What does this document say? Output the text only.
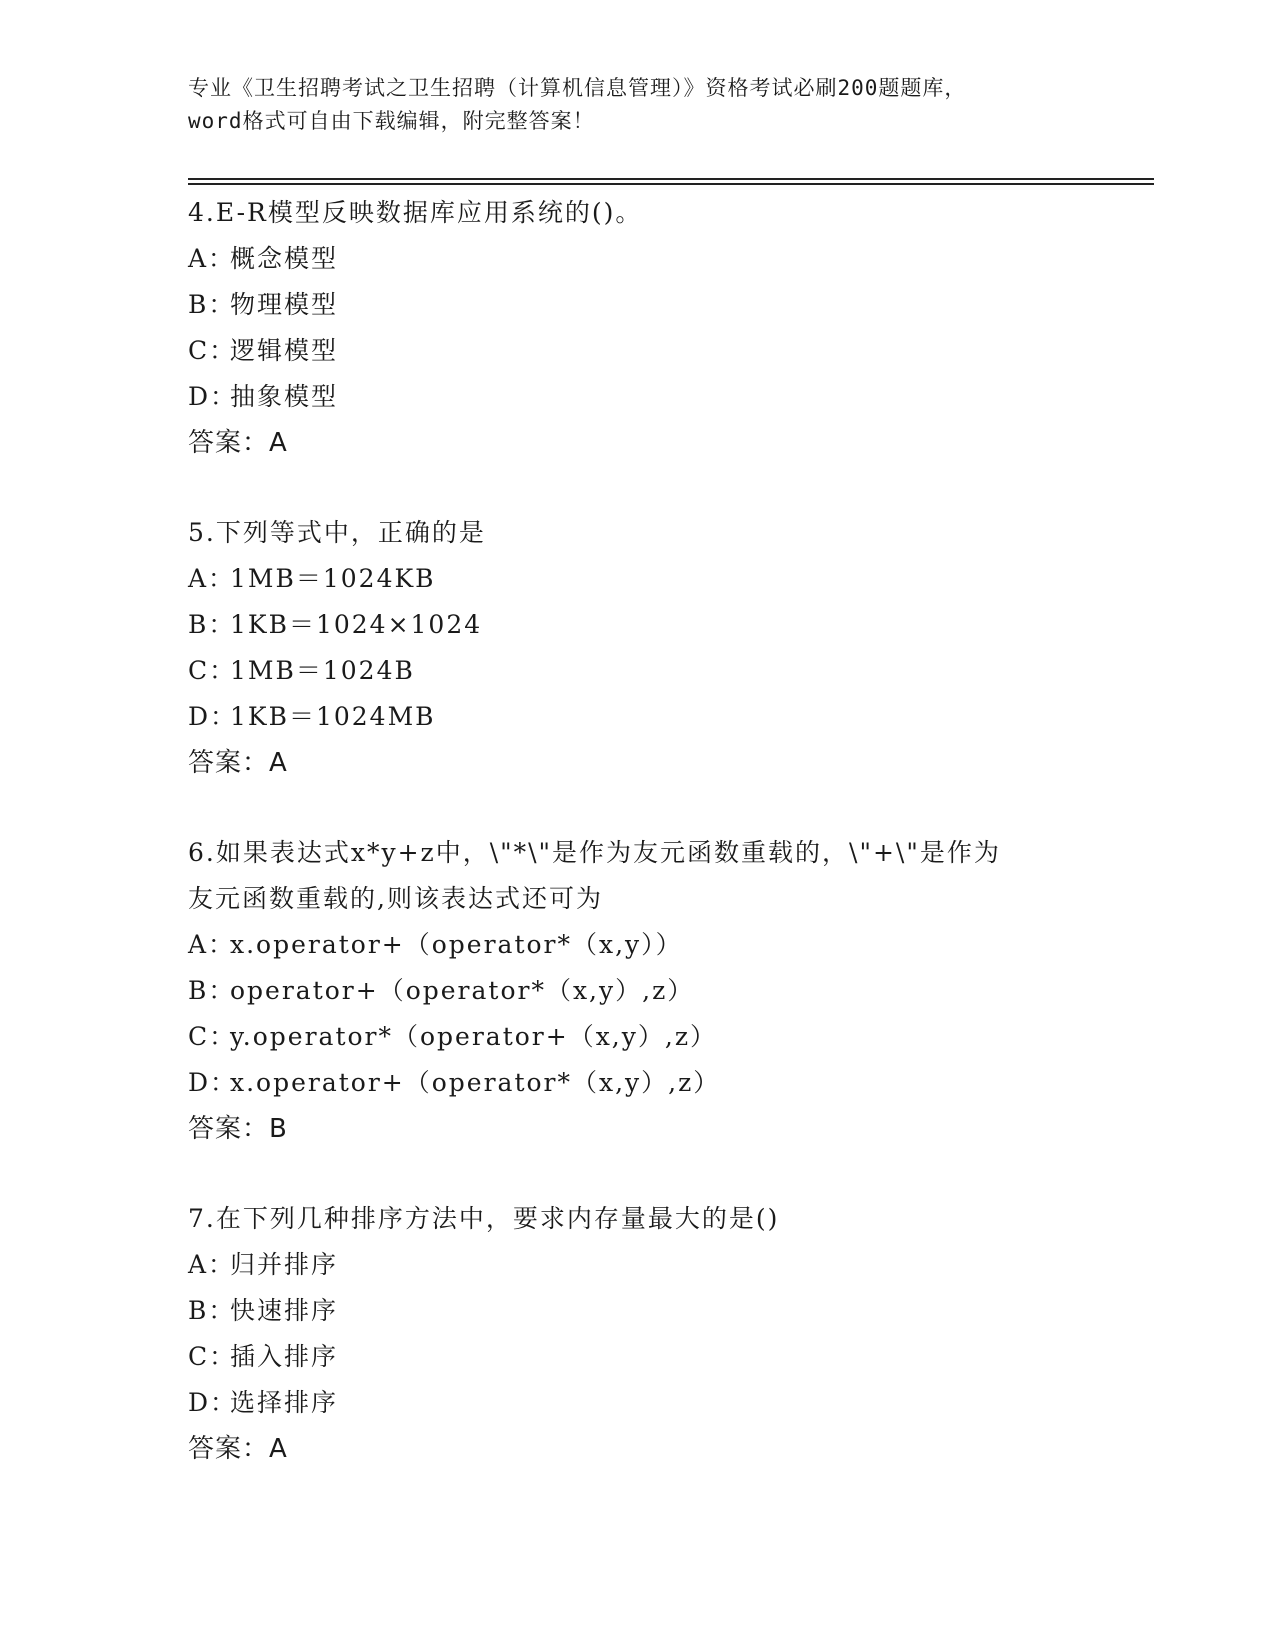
专业《卫生招聘考试之卫生招聘（计算机信息管理）》资格考试必刷200题题库，

word格式可自由下载编辑，附完整答案！

4.E-R模型反映数据库应用系统的()。
A：概念模型
B：物理模型
C：逻辑模型
D：抽象模型
答案：A
5.下列等式中，正确的是
A：1MB＝1024KB
B：1KB＝1024×1024
C：1MB＝1024B
D：1KB＝1024MB
答案：A
6.如果表达式x*y+z中，\"*\"是作为友元函数重载的，\"+\"是作为
友元函数重载的,则该表达式还可为
A：x.operator+（operator*（x,y））
B：operator+（operator*（x,y）,z）
C：y.operator*（operator+（x,y）,z）
D：x.operator+（operator*（x,y）,z）
答案：B
7.在下列几种排序方法中，要求内存量最大的是()
A：归并排序
B：快速排序
C：插入排序
D：选择排序
答案：A
